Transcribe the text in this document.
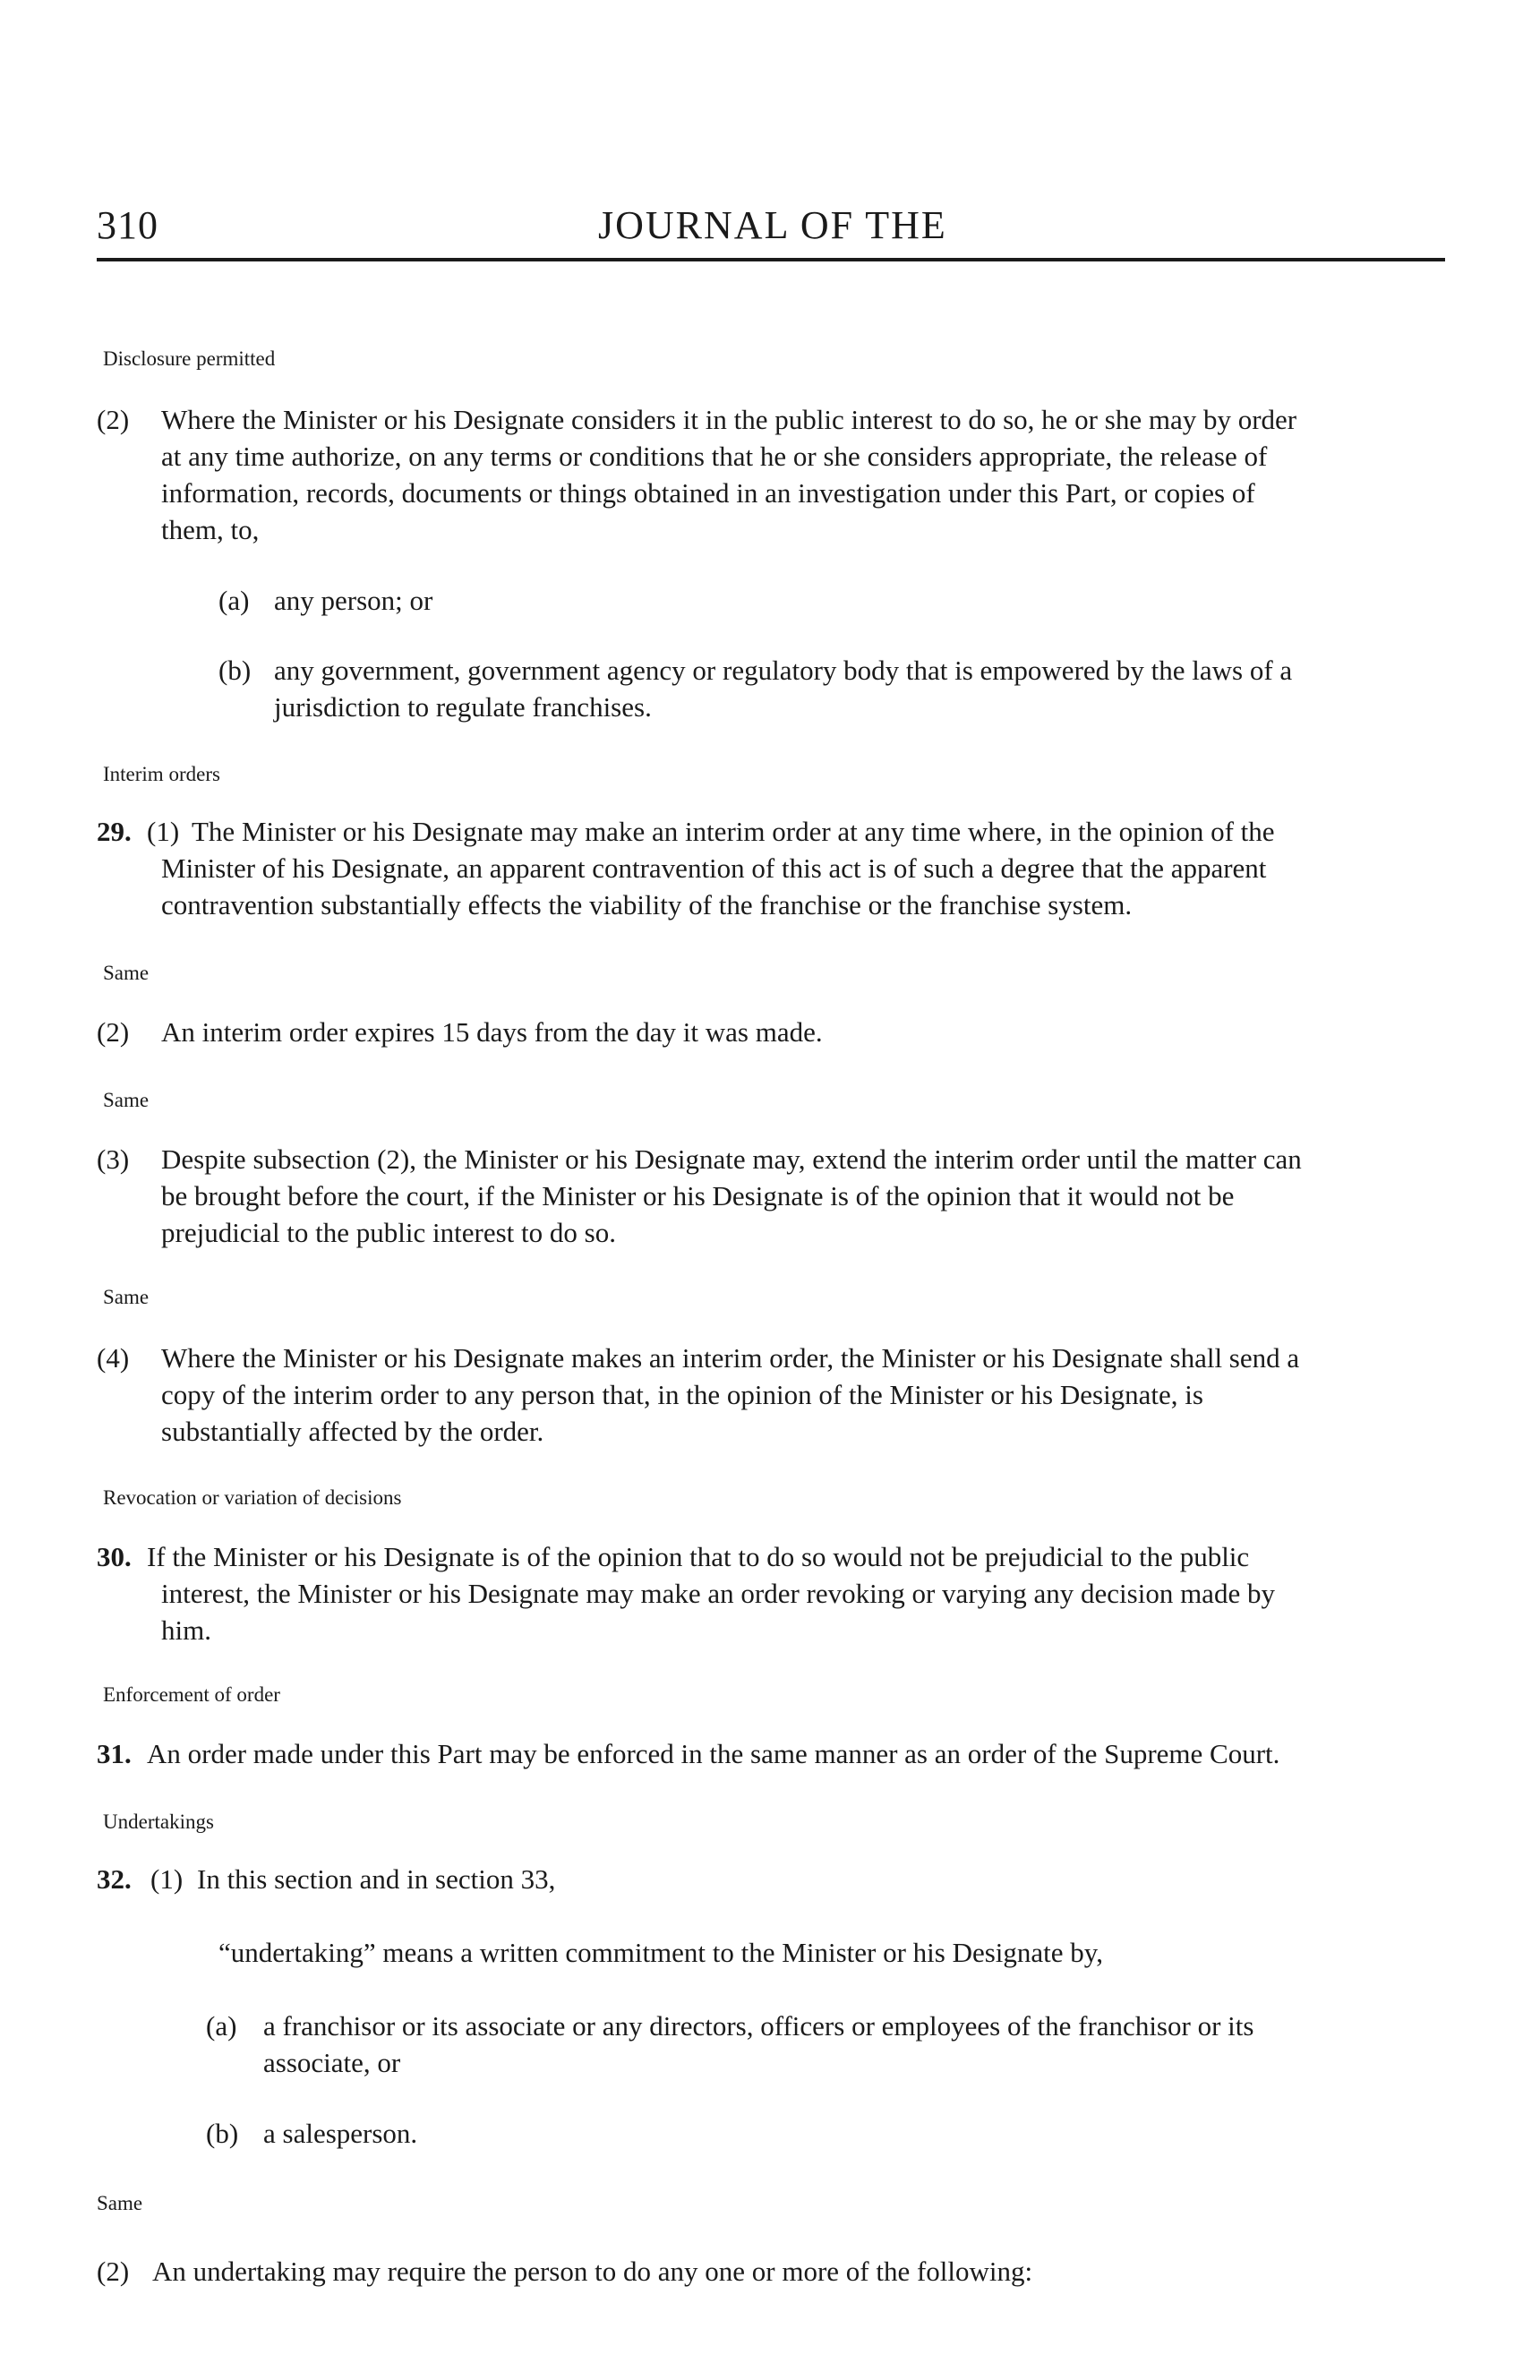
310	JOURNAL OF THE
Disclosure permitted
(2) Where the Minister or his Designate considers it in the public interest to do so, he or she may by order
at any time authorize, on any terms or conditions that he or she considers appropriate, the release of
information, records, documents or things obtained in an investigation under this Part, or copies of
them, to,
(a) any person; or
(b) any government, government agency or regulatory body that is empowered by the laws of a
jurisdiction to regulate franchises.
Interim orders
29. (1) The Minister or his Designate may make an interim order at any time where, in the opinion of the
Minister of his Designate, an apparent contravention of this act is of such a degree that the apparent
contravention substantially effects the viability of the franchise or the franchise system.
Same
(2) An interim order expires 15 days from the day it was made.
Same
(3) Despite subsection (2), the Minister or his Designate may, extend the interim order until the matter can
be brought before the court, if the Minister or his Designate is of the opinion that it would not be
prejudicial to the public interest to do so.
Same
(4) Where the Minister or his Designate makes an interim order, the Minister or his Designate shall send a
copy of the interim order to any person that, in the opinion of the Minister or his Designate, is
substantially affected by the order.
Revocation or variation of decisions
30. If the Minister or his Designate is of the opinion that to do so would not be prejudicial to the public
interest, the Minister or his Designate may make an order revoking or varying any decision made by
him.
Enforcement of order
31. An order made under this Part may be enforced in the same manner as an order of the Supreme Court.
Undertakings
32. (1) In this section and in section 33,
“undertaking” means a written commitment to the Minister or his Designate by,
(a) a franchisor or its associate or any directors, officers or employees of the franchisor or its
associate, or
(b) a salesperson.
Same
(2) An undertaking may require the person to do any one or more of the following:
